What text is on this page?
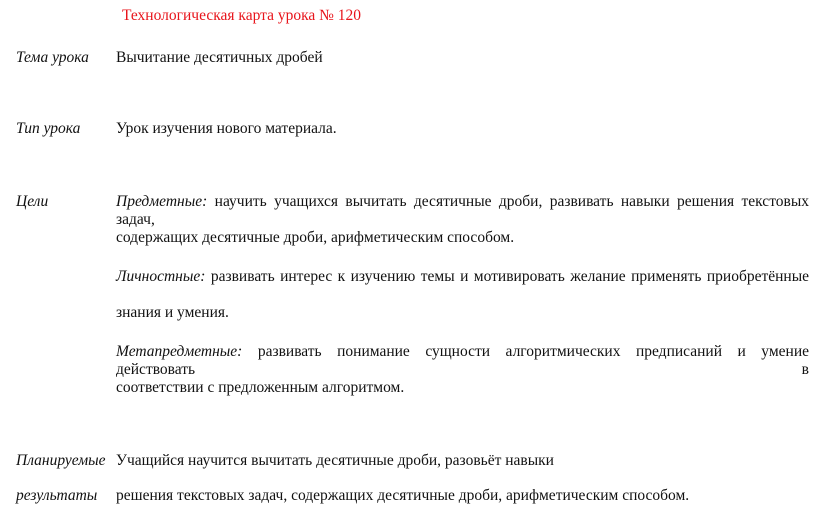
Технологическая карта урока № 120
Тема урока Вычитание десятичных дробей
Тип урока Урок изучения нового материала.
Цели	Предметные: научить учащихся вычитать десятичные дроби, развивать навыки решения текстовых задач,
содержащих десятичные дроби, арифметическим способом.
Личностные: развивать интерес к изучению темы и мотивировать желание применять приобретённые
знания и умения.
Метапредметные: развивать понимание сущности алгоритмических предписаний и умение действовать в
соответствии с предложенным алгоритмом.
Планируемые Учащийся научится вычитать десятичные дроби, разовьёт навыки
результаты решения текстовых задач, содержащих десятичные дроби, арифметическим способом.
